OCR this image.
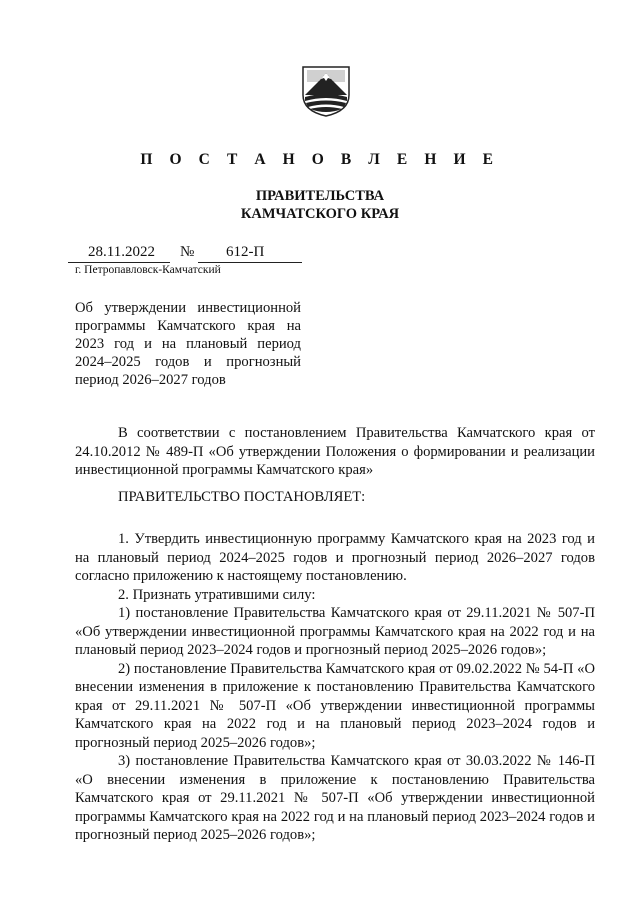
П О С Т А Н О В Л Е Н И Е
ПРАВИТЕЛЬСТВА
КАМЧАТСКОГО КРАЯ
28.11.2022 № 612-П
г. Петропавловск-Камчатский
Об утверждении инвестиционной программы Камчатского края на 2023 год и на плановый период 2024–2025 годов и прогнозный период 2026–2027 годов

В соответствии с постановлением Правительства Камчатского края от 24.10.2012 № 489-П «Об утверждении Положения о формировании и реализации инвестиционной программы Камчатского края»

ПРАВИТЕЛЬСТВО ПОСТАНОВЛЯЕТ:

1. Утвердить инвестиционную программу Камчатского края на 2023 год и на плановый период 2024–2025 годов и прогнозный период 2026–2027 годов согласно приложению к настоящему постановлению.

2. Признать утратившими силу:

1) постановление Правительства Камчатского края от 29.11.2021 № 507-П «Об утверждении инвестиционной программы Камчатского края на 2022 год и на плановый период 2023–2024 годов и прогнозный период 2025–2026 годов»;

2) постановление Правительства Камчатского края от 09.02.2022 № 54-П «О внесении изменения в приложение к постановлению Правительства Камчатского края от 29.11.2021 № 507-П «Об утверждении инвестиционной программы Камчатского края на 2022 год и на плановый период 2023–2024 годов и прогнозный период 2025–2026 годов»;

3) постановление Правительства Камчатского края от 30.03.2022 № 146-П «О внесении изменения в приложение к постановлению Правительства Камчатского края от 29.11.2021 № 507-П «Об утверждении инвестиционной программы Камчатского края на 2022 год и на плановый период 2023–2024 годов и прогнозный период 2025–2026 годов»;
